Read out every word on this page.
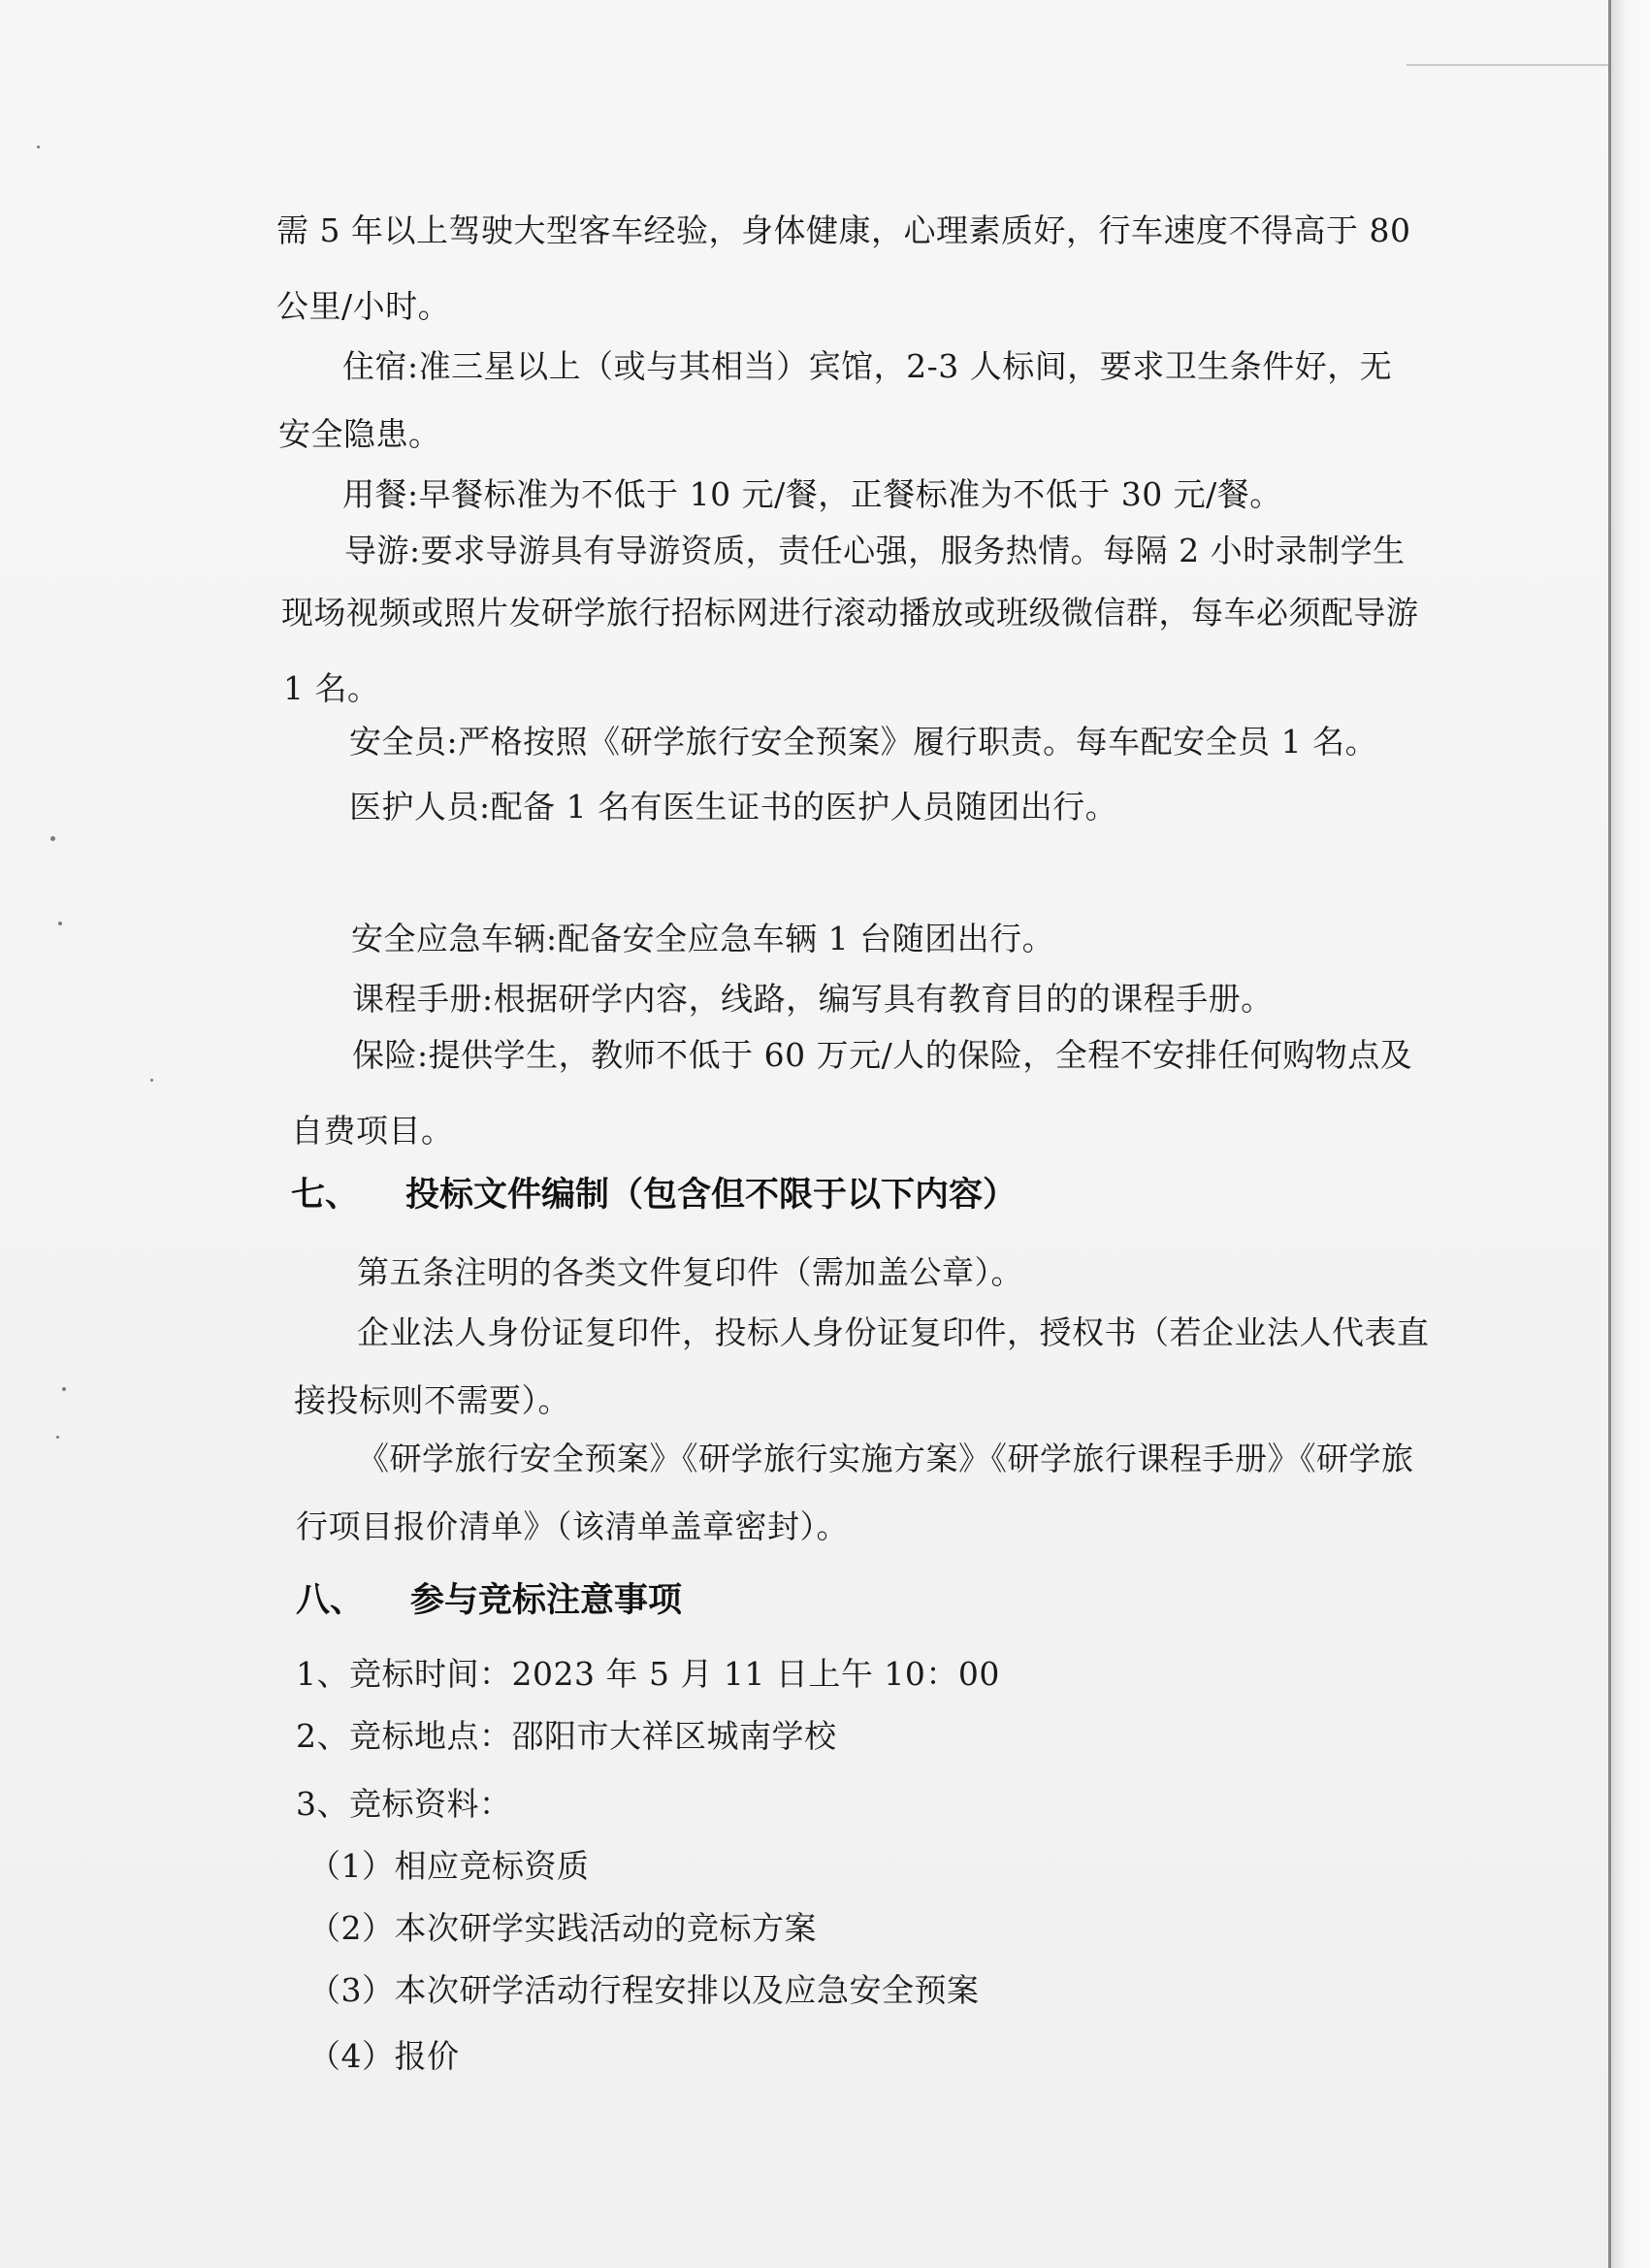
需 5 年以上驾驶大型客车经验，身体健康，心理素质好，行车速度不得高于 80
公里/小时。
住宿:准三星以上（或与其相当）宾馆，2-3 人标间，要求卫生条件好，无
安全隐患。
用餐:早餐标准为不低于 10 元/餐，正餐标准为不低于 30 元/餐。
导游:要求导游具有导游资质，责任心强，服务热情。每隔 2 小时录制学生
现场视频或照片发研学旅行招标网进行滚动播放或班级微信群，每车必须配导游
1 名。
安全员:严格按照《研学旅行安全预案》履行职责。每车配安全员 1 名。
医护人员:配备 1 名有医生证书的医护人员随团出行。
安全应急车辆:配备安全应急车辆 1 台随团出行。
课程手册:根据研学内容，线路，编写具有教育目的的课程手册。
保险:提供学生，教师不低于 60 万元/人的保险，全程不安排任何购物点及
自费项目。
七、 投标文件编制（包含但不限于以下内容）
第五条注明的各类文件复印件（需加盖公章）。
企业法人身份证复印件，投标人身份证复印件，授权书（若企业法人代表直
接投标则不需要）。
《研学旅行安全预案》《研学旅行实施方案》《研学旅行课程手册》《研学旅
行项目报价清单》（该清单盖章密封）。
八、 参与竞标注意事项
1、竞标时间：2023 年 5 月 11 日上午 10：00
2、竞标地点：邵阳市大祥区城南学校
3、竞标资料：
（1）相应竞标资质
（2）本次研学实践活动的竞标方案
（3）本次研学活动行程安排以及应急安全预案
（4）报价
